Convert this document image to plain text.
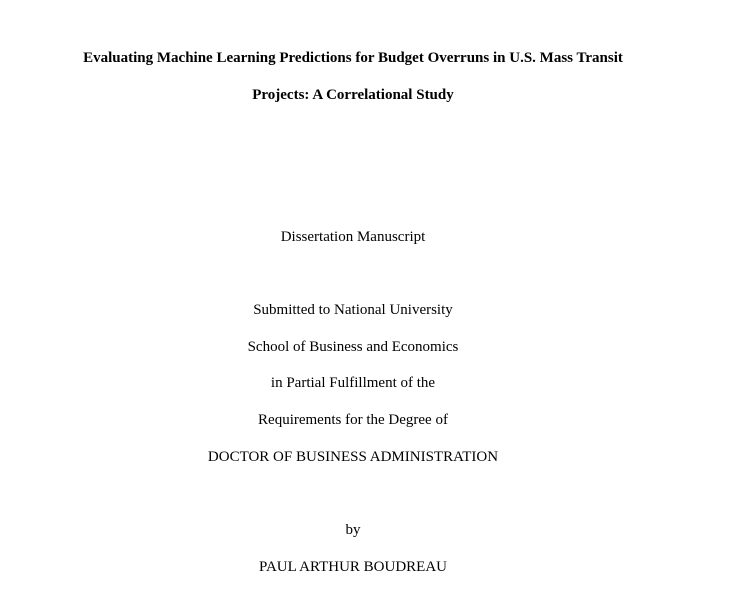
Evaluating Machine Learning Predictions for Budget Overruns in U.S. Mass Transit
Projects: A Correlational Study
Dissertation Manuscript
Submitted to National University
School of Business and Economics
in Partial Fulfillment of the
Requirements for the Degree of
DOCTOR OF BUSINESS ADMINISTRATION
by
PAUL ARTHUR BOUDREAU
